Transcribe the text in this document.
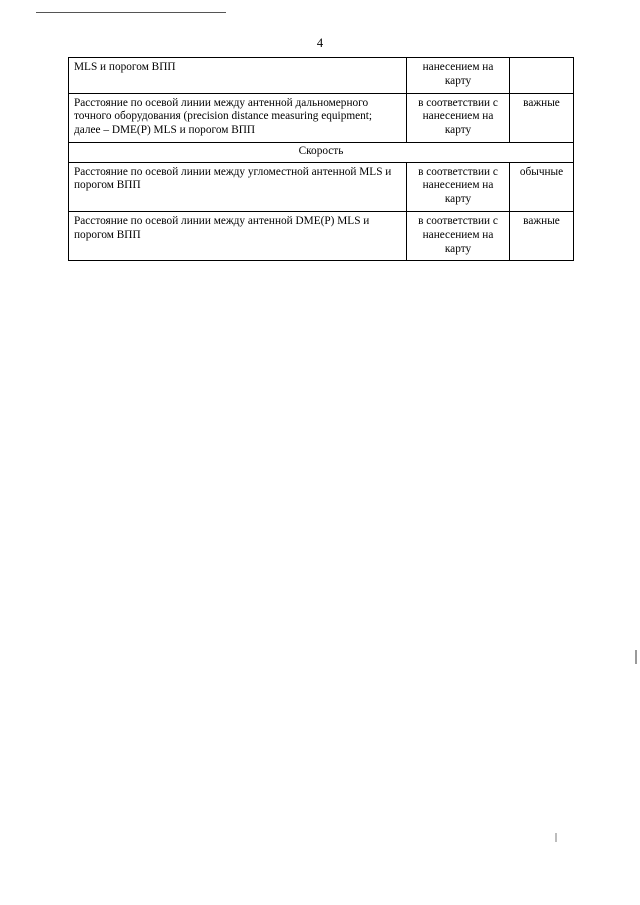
4
MLS и порогом ВПП	нанесением на карту	
Расстояние по осевой линии между антенной дальномерного точного оборудования (precision distance measuring equipment; далее – DME(P) MLS и порогом ВПП	в соответствии с нанесением на карту	важные
Скорость		
Расстояние по осевой линии между угломестной антенной MLS и порогом ВПП	в соответствии с нанесением на карту	обычные
Расстояние по осевой линии между антенной DME(P) MLS и порогом ВПП	в соответствии с нанесением на карту	важные
